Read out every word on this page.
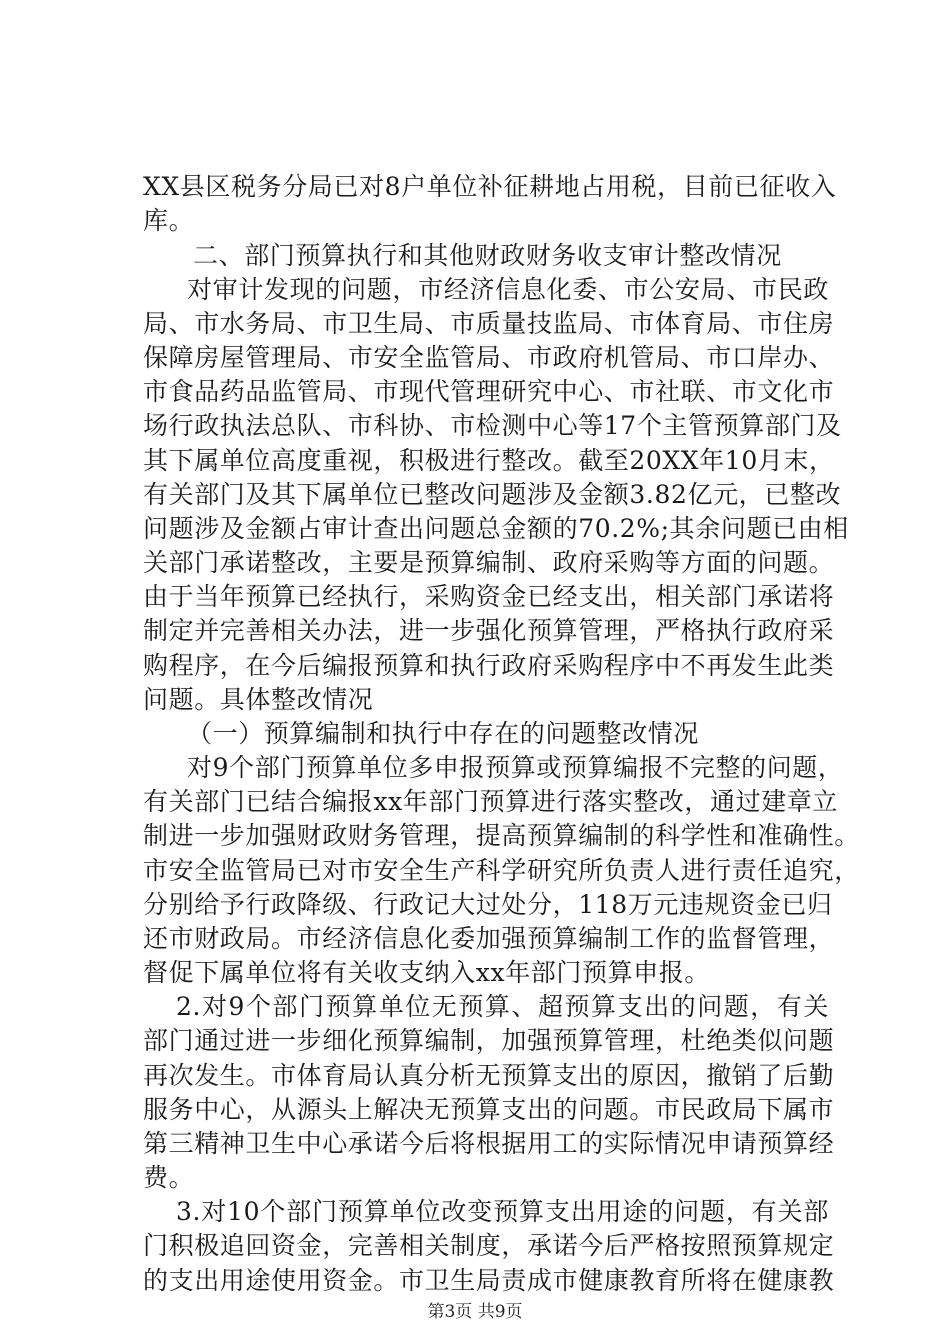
XX县区税务分局已对8户单位补征耕地占用税，目前已征收入
库。
二、部门预算执行和其他财政财务收支审计整改情况
对审计发现的问题，市经济信息化委、市公安局、市民政
局、市水务局、市卫生局、市质量技监局、市体育局、市住房
保障房屋管理局、市安全监管局、市政府机管局、市口岸办、
市食品药品监管局、市现代管理研究中心、市社联、市文化市
场行政执法总队、市科协、市检测中心等17个主管预算部门及
其下属单位高度重视，积极进行整改。截至20XX年10月末，
有关部门及其下属单位已整改问题涉及金额3.82亿元，已整改
问题涉及金额占审计查出问题总金额的70.2%;其余问题已由相
关部门承诺整改，主要是预算编制、政府采购等方面的问题。
由于当年预算已经执行，采购资金已经支出，相关部门承诺将
制定并完善相关办法，进一步强化预算管理，严格执行政府采
购程序，在今后编报预算和执行政府采购程序中不再发生此类
问题。具体整改情况
（一）预算编制和执行中存在的问题整改情况
对9个部门预算单位多申报预算或预算编报不完整的问题，
有关部门已结合编报xx年部门预算进行落实整改，通过建章立
制进一步加强财政财务管理，提高预算编制的科学性和准确性。
市安全监管局已对市安全生产科学研究所负责人进行责任追究，
分别给予行政降级、行政记大过处分，118万元违规资金已归
还市财政局。市经济信息化委加强预算编制工作的监督管理，
督促下属单位将有关收支纳入xx年部门预算申报。
2.对9个部门预算单位无预算、超预算支出的问题，有关
部门通过进一步细化预算编制，加强预算管理，杜绝类似问题
再次发生。市体育局认真分析无预算支出的原因，撤销了后勤
服务中心，从源头上解决无预算支出的问题。市民政局下属市
第三精神卫生中心承诺今后将根据用工的实际情况申请预算经
费。
3.对10个部门预算单位改变预算支出用途的问题，有关部
门积极追回资金，完善相关制度，承诺今后严格按照预算规定
的支出用途使用资金。市卫生局责成市健康教育所将在健康教
第3页 共9页
